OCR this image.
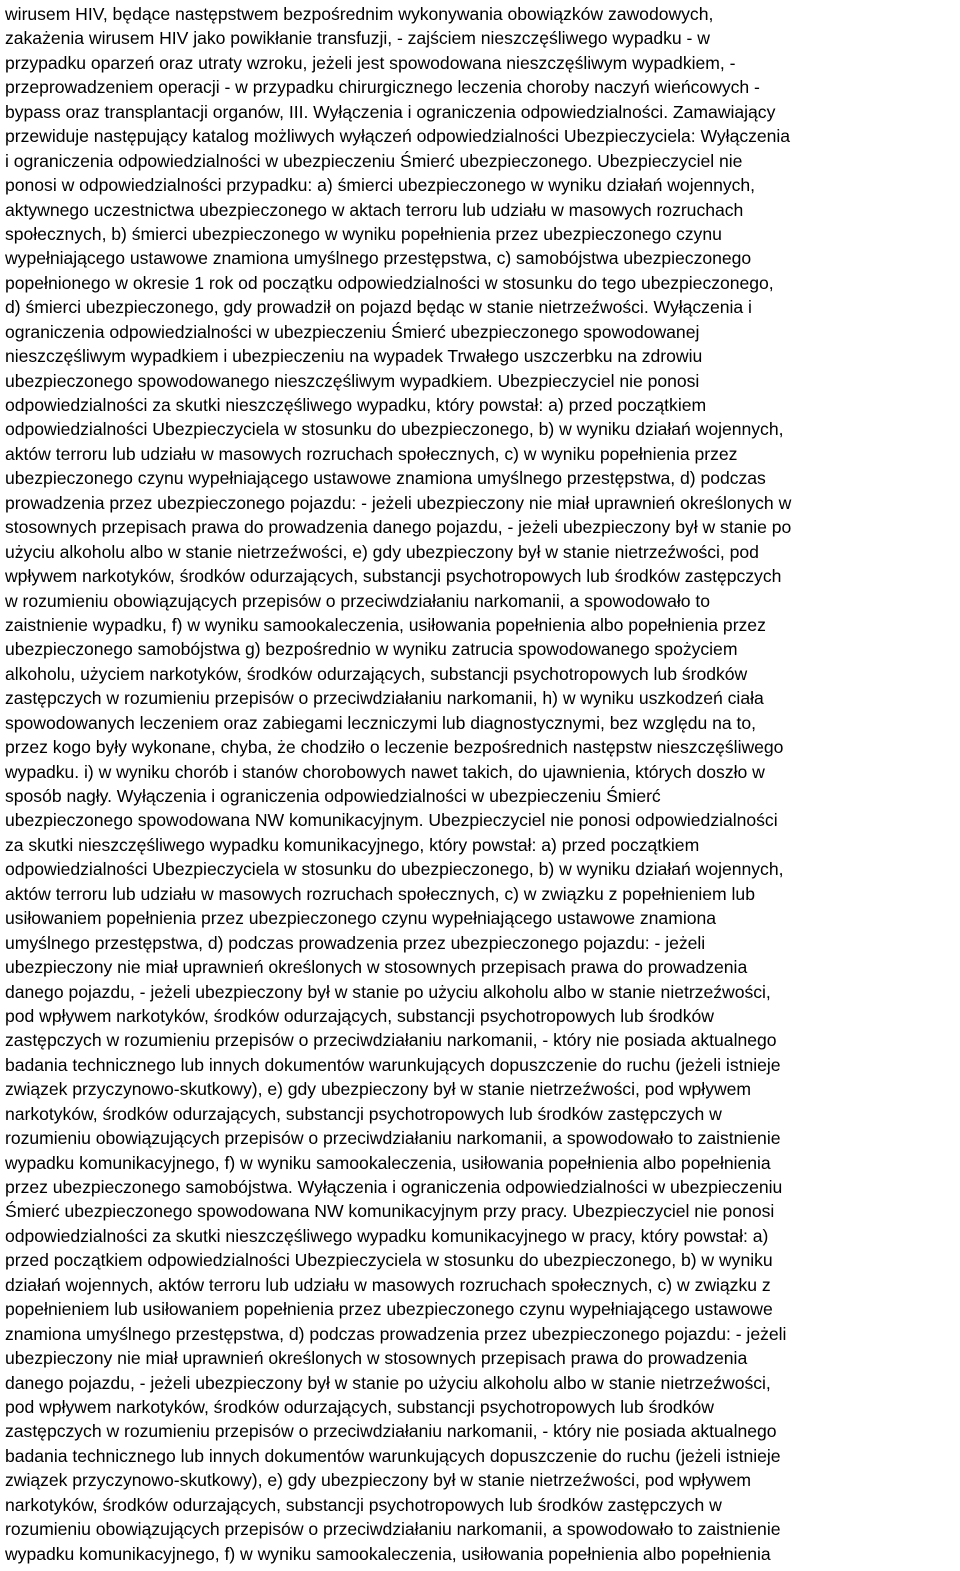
wirusem HIV, będące następstwem bezpośrednim wykonywania obowiązków zawodowych,
zakażenia wirusem HIV jako powikłanie transfuzji, - zajściem nieszczęśliwego wypadku - w
przypadku oparzeń oraz utraty wzroku, jeżeli jest spowodowana nieszczęśliwym wypadkiem, -
przeprowadzeniem operacji - w przypadku chirurgicznego leczenia choroby naczyń wieńcowych -
bypass oraz transplantacji organów, III. Wyłączenia i ograniczenia odpowiedzialności. Zamawiający
przewiduje następujący katalog możliwych wyłączeń odpowiedzialności Ubezpieczyciela: Wyłączenia
i ograniczenia odpowiedzialności w ubezpieczeniu Śmierć ubezpieczonego. Ubezpieczyciel nie
ponosi w odpowiedzialności przypadku: a) śmierci ubezpieczonego w wyniku działań wojennych,
aktywnego uczestnictwa ubezpieczonego w aktach terroru lub udziału w masowych rozruchach
społecznych, b) śmierci ubezpieczonego w wyniku popełnienia przez ubezpieczonego czynu
wypełniającego ustawowe znamiona umyślnego przestępstwa, c) samobójstwa ubezpieczonego
popełnionego w okresie 1 rok od początku odpowiedzialności w stosunku do tego ubezpieczonego,
d) śmierci ubezpieczonego, gdy prowadził on pojazd będąc w stanie nietrzeźwości. Wyłączenia i
ograniczenia odpowiedzialności w ubezpieczeniu Śmierć ubezpieczonego spowodowanej
nieszczęśliwym wypadkiem i ubezpieczeniu na wypadek Trwałego uszczerbku na zdrowiu
ubezpieczonego spowodowanego nieszczęśliwym wypadkiem. Ubezpieczyciel nie ponosi
odpowiedzialności za skutki nieszczęśliwego wypadku, który powstał: a) przed początkiem
odpowiedzialności Ubezpieczyciela w stosunku do ubezpieczonego, b) w wyniku działań wojennych,
aktów terroru lub udziału w masowych rozruchach społecznych, c) w wyniku popełnienia przez
ubezpieczonego czynu wypełniającego ustawowe znamiona umyślnego przestępstwa, d) podczas
prowadzenia przez ubezpieczonego pojazdu: - jeżeli ubezpieczony nie miał uprawnień określonych w
stosownych przepisach prawa do prowadzenia danego pojazdu, - jeżeli ubezpieczony był w stanie po
użyciu alkoholu albo w stanie nietrzeźwości, e) gdy ubezpieczony był w stanie nietrzeźwości, pod
wpływem narkotyków, środków odurzających, substancji psychotropowych lub środków zastępczych
w rozumieniu obowiązujących przepisów o przeciwdziałaniu narkomanii, a spowodowało to
zaistnienie wypadku, f) w wyniku samookaleczenia, usiłowania popełnienia albo popełnienia przez
ubezpieczonego samobójstwa g) bezpośrednio w wyniku zatrucia spowodowanego spożyciem
alkoholu, użyciem narkotyków, środków odurzających, substancji psychotropowych lub środków
zastępczych w rozumieniu przepisów o przeciwdziałaniu narkomanii, h) w wyniku uszkodzeń ciała
spowodowanych leczeniem oraz zabiegami leczniczymi lub diagnostycznymi, bez względu na to,
przez kogo były wykonane, chyba, że chodziło o leczenie bezpośrednich następstw nieszczęśliwego
wypadku. i) w wyniku chorób i stanów chorobowych nawet takich, do ujawnienia, których doszło w
sposób nagły. Wyłączenia i ograniczenia odpowiedzialności w ubezpieczeniu Śmierć
ubezpieczonego spowodowana NW komunikacyjnym. Ubezpieczyciel nie ponosi odpowiedzialności
za skutki nieszczęśliwego wypadku komunikacyjnego, który powstał: a) przed początkiem
odpowiedzialności Ubezpieczyciela w stosunku do ubezpieczonego, b) w wyniku działań wojennych,
aktów terroru lub udziału w masowych rozruchach społecznych, c) w związku z popełnieniem lub
usiłowaniem popełnienia przez ubezpieczonego czynu wypełniającego ustawowe znamiona
umyślnego przestępstwa, d) podczas prowadzenia przez ubezpieczonego pojazdu: - jeżeli
ubezpieczony nie miał uprawnień określonych w stosownych przepisach prawa do prowadzenia
danego pojazdu, - jeżeli ubezpieczony był w stanie po użyciu alkoholu albo w stanie nietrzeźwości,
pod wpływem narkotyków, środków odurzających, substancji psychotropowych lub środków
zastępczych w rozumieniu przepisów o przeciwdziałaniu narkomanii, - który nie posiada aktualnego
badania technicznego lub innych dokumentów warunkujących dopuszczenie do ruchu (jeżeli istnieje
związek przyczynowo-skutkowy), e) gdy ubezpieczony był w stanie nietrzeźwości, pod wpływem
narkotyków, środków odurzających, substancji psychotropowych lub środków zastępczych w
rozumieniu obowiązujących przepisów o przeciwdziałaniu narkomanii, a spowodowało to zaistnienie
wypadku komunikacyjnego, f) w wyniku samookaleczenia, usiłowania popełnienia albo popełnienia
przez ubezpieczonego samobójstwa. Wyłączenia i ograniczenia odpowiedzialności w ubezpieczeniu
Śmierć ubezpieczonego spowodowana NW komunikacyjnym przy pracy. Ubezpieczyciel nie ponosi
odpowiedzialności za skutki nieszczęśliwego wypadku komunikacyjnego w pracy, który powstał: a)
przed początkiem odpowiedzialności Ubezpieczyciela w stosunku do ubezpieczonego, b) w wyniku
działań wojennych, aktów terroru lub udziału w masowych rozruchach społecznych, c) w związku z
popełnieniem lub usiłowaniem popełnienia przez ubezpieczonego czynu wypełniającego ustawowe
znamiona umyślnego przestępstwa, d) podczas prowadzenia przez ubezpieczonego pojazdu: - jeżeli
ubezpieczony nie miał uprawnień określonych w stosownych przepisach prawa do prowadzenia
danego pojazdu, - jeżeli ubezpieczony był w stanie po użyciu alkoholu albo w stanie nietrzeźwości,
pod wpływem narkotyków, środków odurzających, substancji psychotropowych lub środków
zastępczych w rozumieniu przepisów o przeciwdziałaniu narkomanii, - który nie posiada aktualnego
badania technicznego lub innych dokumentów warunkujących dopuszczenie do ruchu (jeżeli istnieje
związek przyczynowo-skutkowy), e) gdy ubezpieczony był w stanie nietrzeźwości, pod wpływem
narkotyków, środków odurzających, substancji psychotropowych lub środków zastępczych w
rozumieniu obowiązujących przepisów o przeciwdziałaniu narkomanii, a spowodowało to zaistnienie
wypadku komunikacyjnego, f) w wyniku samookaleczenia, usiłowania popełnienia albo popełnienia
